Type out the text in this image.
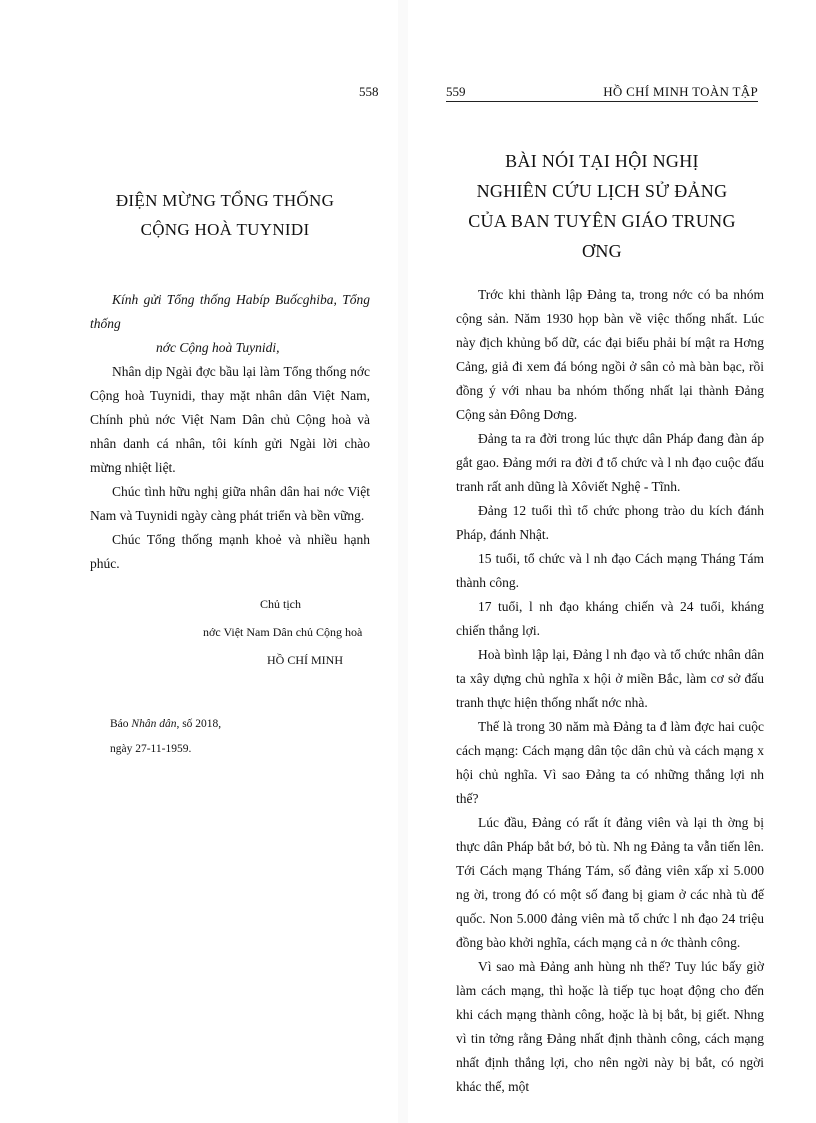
558
ĐIỆN MỪNG TỔNG THỐNG
CỘNG HOÀ TUYNIDI

Kính gửi Tổng thống Habíp Buốcghiba, Tổng thống

nớc Cộng hoà Tuynidi,

Nhân dịp Ngài đợc bầu lại làm Tổng thống nớc Cộng hoà Tuynidi, thay mặt nhân dân Việt Nam, Chính phủ nớc Việt Nam Dân chủ Cộng hoà và nhân danh cá nhân, tôi kính gửi Ngài lời chào mừng nhiệt liệt.

Chúc tình hữu nghị giữa nhân dân hai nớc Việt Nam và Tuynidi ngày càng phát triển và bền vững.

Chúc Tổng thống mạnh khoẻ và nhiều hạnh phúc.

Chủ tịch
nớc Việt Nam Dân chủ Cộng hoà
HỒ CHÍ MINH
Báo Nhân dân, số 2018,
ngày 27-11-1959.
559	HỒ CHÍ MINH TOÀN TẬP
BÀI NÓI TẠI HỘI NGHỊ
NGHIÊN CỨU LỊCH SỬ ĐẢNG
CỦA BAN TUYÊN GIÁO TRUNG ƠNG

Trớc khi thành lập Đảng ta, trong nớc có ba nhóm cộng sản. Năm 1930 họp bàn về việc thống nhất. Lúc này địch khủng bố dữ, các đại biểu phải bí mật ra Hơng Cảng, giả đi xem đá bóng ngồi ở sân cỏ mà bàn bạc, rồi đồng ý với nhau ba nhóm thống nhất lại thành Đảng Cộng sản Đông Dơng.

Đảng ta ra đời trong lúc thực dân Pháp đang đàn áp gắt gao. Đảng mới ra đời đ tổ chức và l nh đạo cuộc đấu tranh rất anh dũng là Xôviết Nghệ - Tĩnh.

Đảng 12 tuổi thì tổ chức phong trào du kích đánh Pháp, đánh Nhật.

15 tuổi, tổ chức và l nh đạo Cách mạng Tháng Tám thành công.

17 tuổi, l nh đạo kháng chiến và 24 tuổi, kháng chiến thắng lợi.

Hoà bình lập lại, Đảng l nh đạo và tổ chức nhân dân ta xây dựng chủ nghĩa x hội ở miền Bắc, làm cơ sở đấu tranh thực hiện thống nhất nớc nhà.

Thế là trong 30 năm mà Đảng ta đ làm đợc hai cuộc cách mạng: Cách mạng dân tộc dân chủ và cách mạng x hội chủ nghĩa. Vì sao Đảng ta có những thắng lợi nh thế?

Lúc đầu, Đảng có rất ít đảng viên và lại th ờng bị thực dân Pháp bắt bớ, bỏ tù. Nh ng Đảng ta vẫn tiến lên. Tới Cách mạng Tháng Tám, số đảng viên xấp xỉ 5.000 ng ời, trong đó có một số đang bị giam ở các nhà tù đế quốc. Non 5.000 đảng viên mà tổ chức l nh đạo 24 triệu đồng bào khởi nghĩa, cách mạng cả n ớc thành công.

Vì sao mà Đảng anh hùng nh thế? Tuy lúc bấy giờ làm cách mạng, thì hoặc là tiếp tục hoạt động cho đến khi cách mạng thành công, hoặc là bị bắt, bị giết. Nhng vì tin tởng rằng Đảng nhất định thành công, cách mạng nhất định thắng lợi, cho nên ngời này bị bắt, có ngời khác thế, một
